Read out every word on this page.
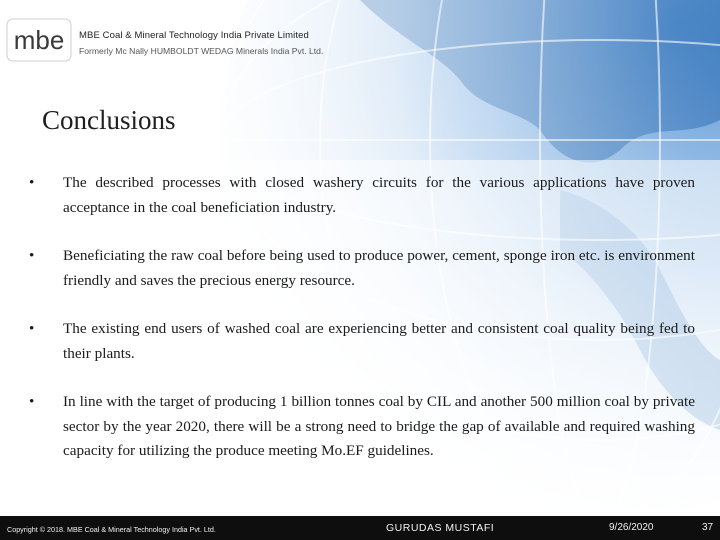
mbe MBE Coal & Mineral Technology India Private Limited
Formerly Mc Nally HUMBOLDT WEDAG Minerals India Pvt. Ltd.
Conclusions
•	The described processes with closed washery circuits for the various applications have proven acceptance in the coal beneficiation industry.
•	Beneficiating the raw coal before being used to produce power, cement, sponge iron etc. is environment friendly and saves the precious energy resource.
•	The existing end users of washed coal are experiencing better and consistent coal quality being fed to their plants.
•	In line with the target of producing 1 billion tonnes coal by CIL and another 500 million coal by private sector by the year 2020, there will be a strong need to bridge the gap of available and required washing capacity for utilizing the produce meeting Mo.EF guidelines.
Copyright © 2018. MBE Coal & Mineral Technology India Pvt. Ltd.	GURUDAS MUSTAFI	9/26/2020	37
